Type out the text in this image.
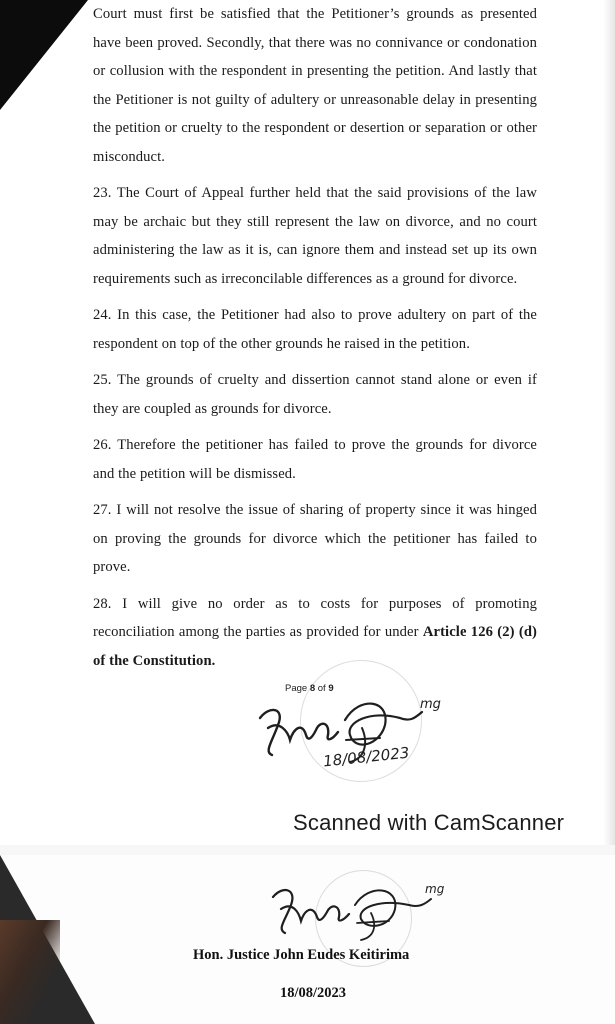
Court must first be satisfied that the Petitioner’s grounds as presented have been proved. Secondly, that there was no connivance or condonation or collusion with the respondent in presenting the petition. And lastly that the Petitioner is not guilty of adultery or unreasonable delay in presenting the petition or cruelty to the respondent or desertion or separation or other misconduct.

23. The Court of Appeal further held that the said provisions of the law may be archaic but they still represent the law on divorce, and no court administering the law as it is, can ignore them and instead set up its own requirements such as irreconcilable differences as a ground for divorce.

24. In this case, the Petitioner had also to prove adultery on part of the respondent on top of the other grounds he raised in the petition.

25. The grounds of cruelty and dissertion cannot stand alone or even if they are coupled as grounds for divorce.

26. Therefore the petitioner has failed to prove the grounds for divorce and the petition will be dismissed.

27. I will not resolve the issue of sharing of property since it was hinged on proving the grounds for divorce which the petitioner has failed to prove.

28. I will give no order as to costs for purposes of promoting reconciliation among the parties as provided for under Article 126 (2) (d) of the Constitution.

Page 8 of 9
mg
18/08/2023
Scanned with CamScanner
mg
Hon. Justice John Eudes Keitirima
18/08/2023
